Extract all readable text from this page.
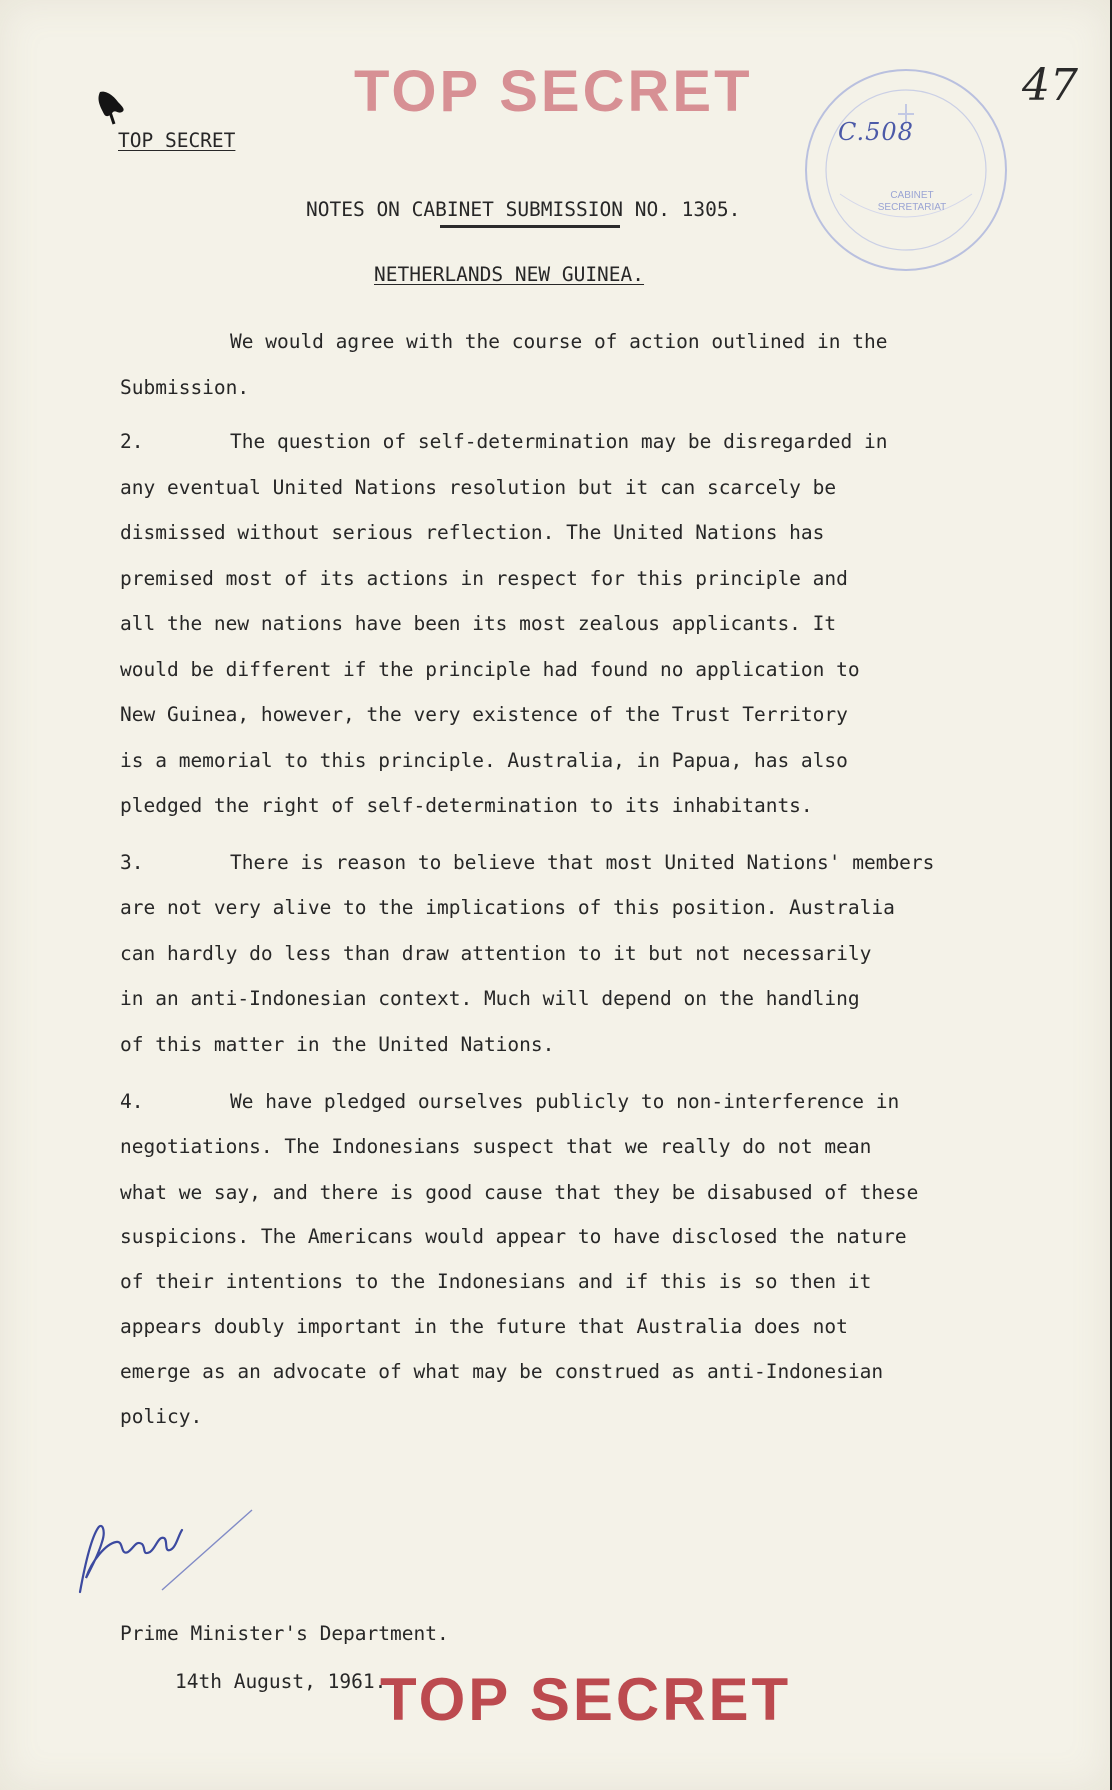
TOP SECRET	47
C.508
CABINET SECRETARIAT
TOP SECRET
NOTES ON CABINET SUBMISSION NO. 1305.
NETHERLANDS NEW GUINEA.
We would agree with the course of action outlined in the
Submission.
2.	The question of self-determination may be disregarded in
any eventual United Nations resolution but it can scarcely be
dismissed without serious reflection. The United Nations has
premised most of its actions in respect for this principle and
all the new nations have been its most zealous applicants. It
would be different if the principle had found no application to
New Guinea, however, the very existence of the Trust Territory
is a memorial to this principle. Australia, in Papua, has also
pledged the right of self-determination to its inhabitants.
3.	There is reason to believe that most United Nations' members
are not very alive to the implications of this position. Australia
can hardly do less than draw attention to it but not necessarily
in an anti-Indonesian context. Much will depend on the handling
of this matter in the United Nations.
4.	We have pledged ourselves publicly to non-interference in
negotiations. The Indonesians suspect that we really do not mean
what we say, and there is good cause that they be disabused of these
suspicions. The Americans would appear to have disclosed the nature
of their intentions to the Indonesians and if this is so then it
appears doubly important in the future that Australia does not
emerge as an advocate of what may be construed as anti-Indonesian
policy.
Prime Minister's Department.
14th August, 1961.
TOP SECRET
